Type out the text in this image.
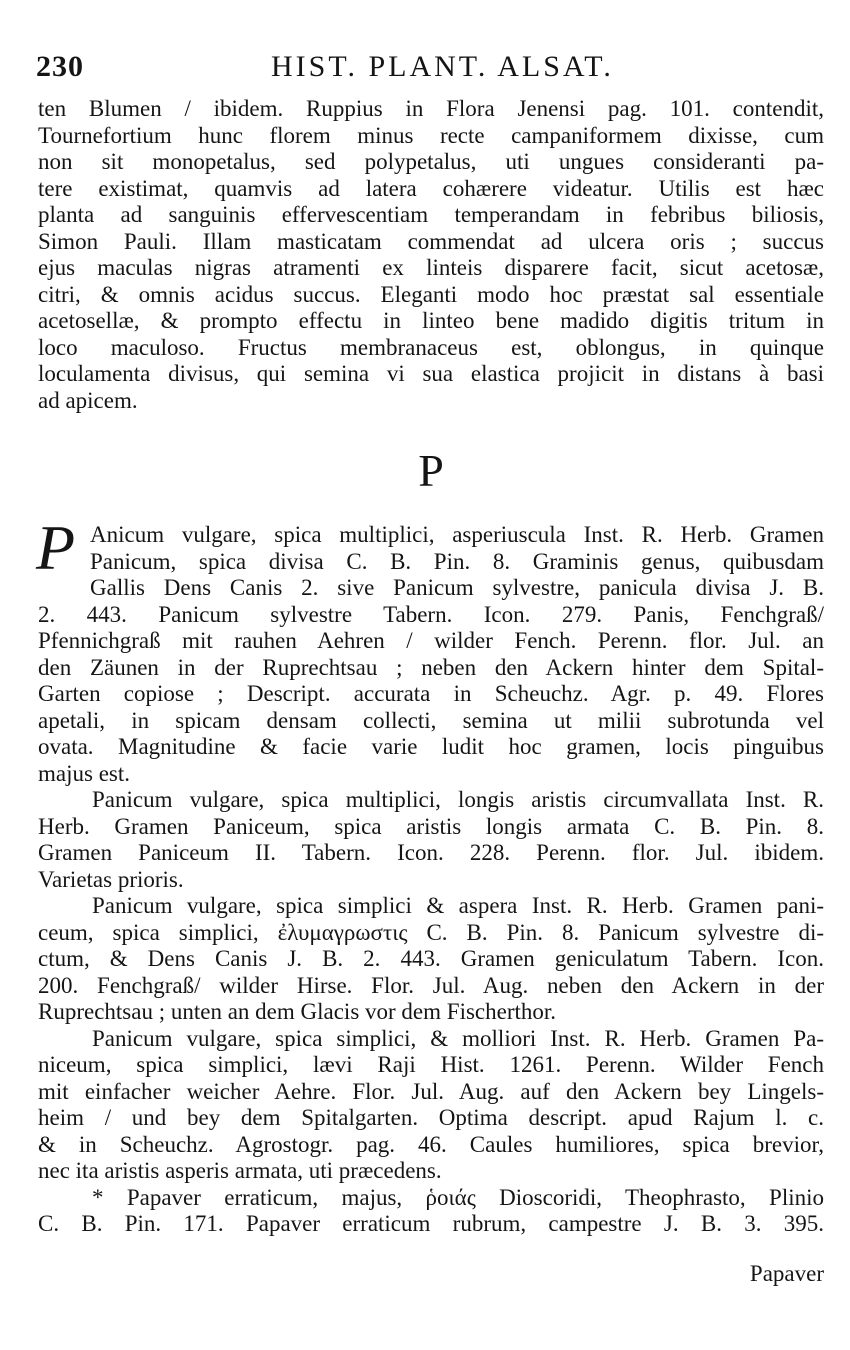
230	HIST. PLANT. ALSAT.

ten Blumen / ibidem. Ruppius in Flora Jenensi pag. 101. contendit,

Tournefortium hunc florem minus recte campaniformem dixisse, cum

non sit monopetalus, sed polypetalus, uti ungues consideranti pa-

tere existimat, quamvis ad latera cohærere videatur. Utilis est hæc

planta ad sanguinis effervescentiam temperandam in febribus biliosis,

Simon Pauli. Illam masticatam commendat ad ulcera oris ; succus

ejus maculas nigras atramenti ex linteis disparere facit, sicut acetosæ,

citri, & omnis acidus succus. Eleganti modo hoc præstat sal essentiale

acetosellæ, & prompto effectu in linteo bene madido digitis tritum in

loco maculoso. Fructus membranaceus est, oblongus, in quinque

loculamenta divisus, qui semina vi sua elastica projicit in distans à basi

ad apicem.

P
P Anicum vulgare, spica multiplici, asperiuscula Inst. R. Herb. Gramen

Panicum, spica divisa C. B. Pin. 8. Graminis genus, quibusdam

Gallis Dens Canis 2. sive Panicum sylvestre, panicula divisa J. B.

2. 443. Panicum sylvestre Tabern. Icon. 279. Panis, Fenchgraß/

Pfennichgraß mit rauhen Aehren / wilder Fench. Perenn. flor. Jul. an

den Zäunen in der Ruprechtsau ; neben den Ackern hinter dem Spital-

Garten copiose ; Descript. accurata in Scheuchz. Agr. p. 49. Flores

apetali, in spicam densam collecti, semina ut milii subrotunda vel

ovata. Magnitudine & facie varie ludit hoc gramen, locis pinguibus

majus est.

Panicum vulgare, spica multiplici, longis aristis circumvallata Inst. R.

Herb. Gramen Paniceum, spica aristis longis armata C. B. Pin. 8.

Gramen Paniceum II. Tabern. Icon. 228. Perenn. flor. Jul. ibidem.

Varietas prioris.

Panicum vulgare, spica simplici & aspera Inst. R. Herb. Gramen pani-

ceum, spica simplici, ἐλυμαγρωστις C. B. Pin. 8. Panicum sylvestre di-

ctum, & Dens Canis J. B. 2. 443. Gramen geniculatum Tabern. Icon.

200. Fenchgraß/ wilder Hirse. Flor. Jul. Aug. neben den Ackern in der

Ruprechtsau ; unten an dem Glacis vor dem Fischerthor.

Panicum vulgare, spica simplici, & molliori Inst. R. Herb. Gramen Pa-

niceum, spica simplici, lævi Raji Hist. 1261. Perenn. Wilder Fench

mit einfacher weicher Aehre. Flor. Jul. Aug. auf den Ackern bey Lingels-

heim / und bey dem Spitalgarten. Optima descript. apud Rajum l. c.

& in Scheuchz. Agrostogr. pag. 46. Caules humiliores, spica brevior,

nec ita aristis asperis armata, uti præcedens.

* Papaver erraticum, majus, ῥοιάς Dioscoridi, Theophrasto, Plinio

C. B. Pin. 171. Papaver erraticum rubrum, campestre J. B. 3. 395.

Papaver
